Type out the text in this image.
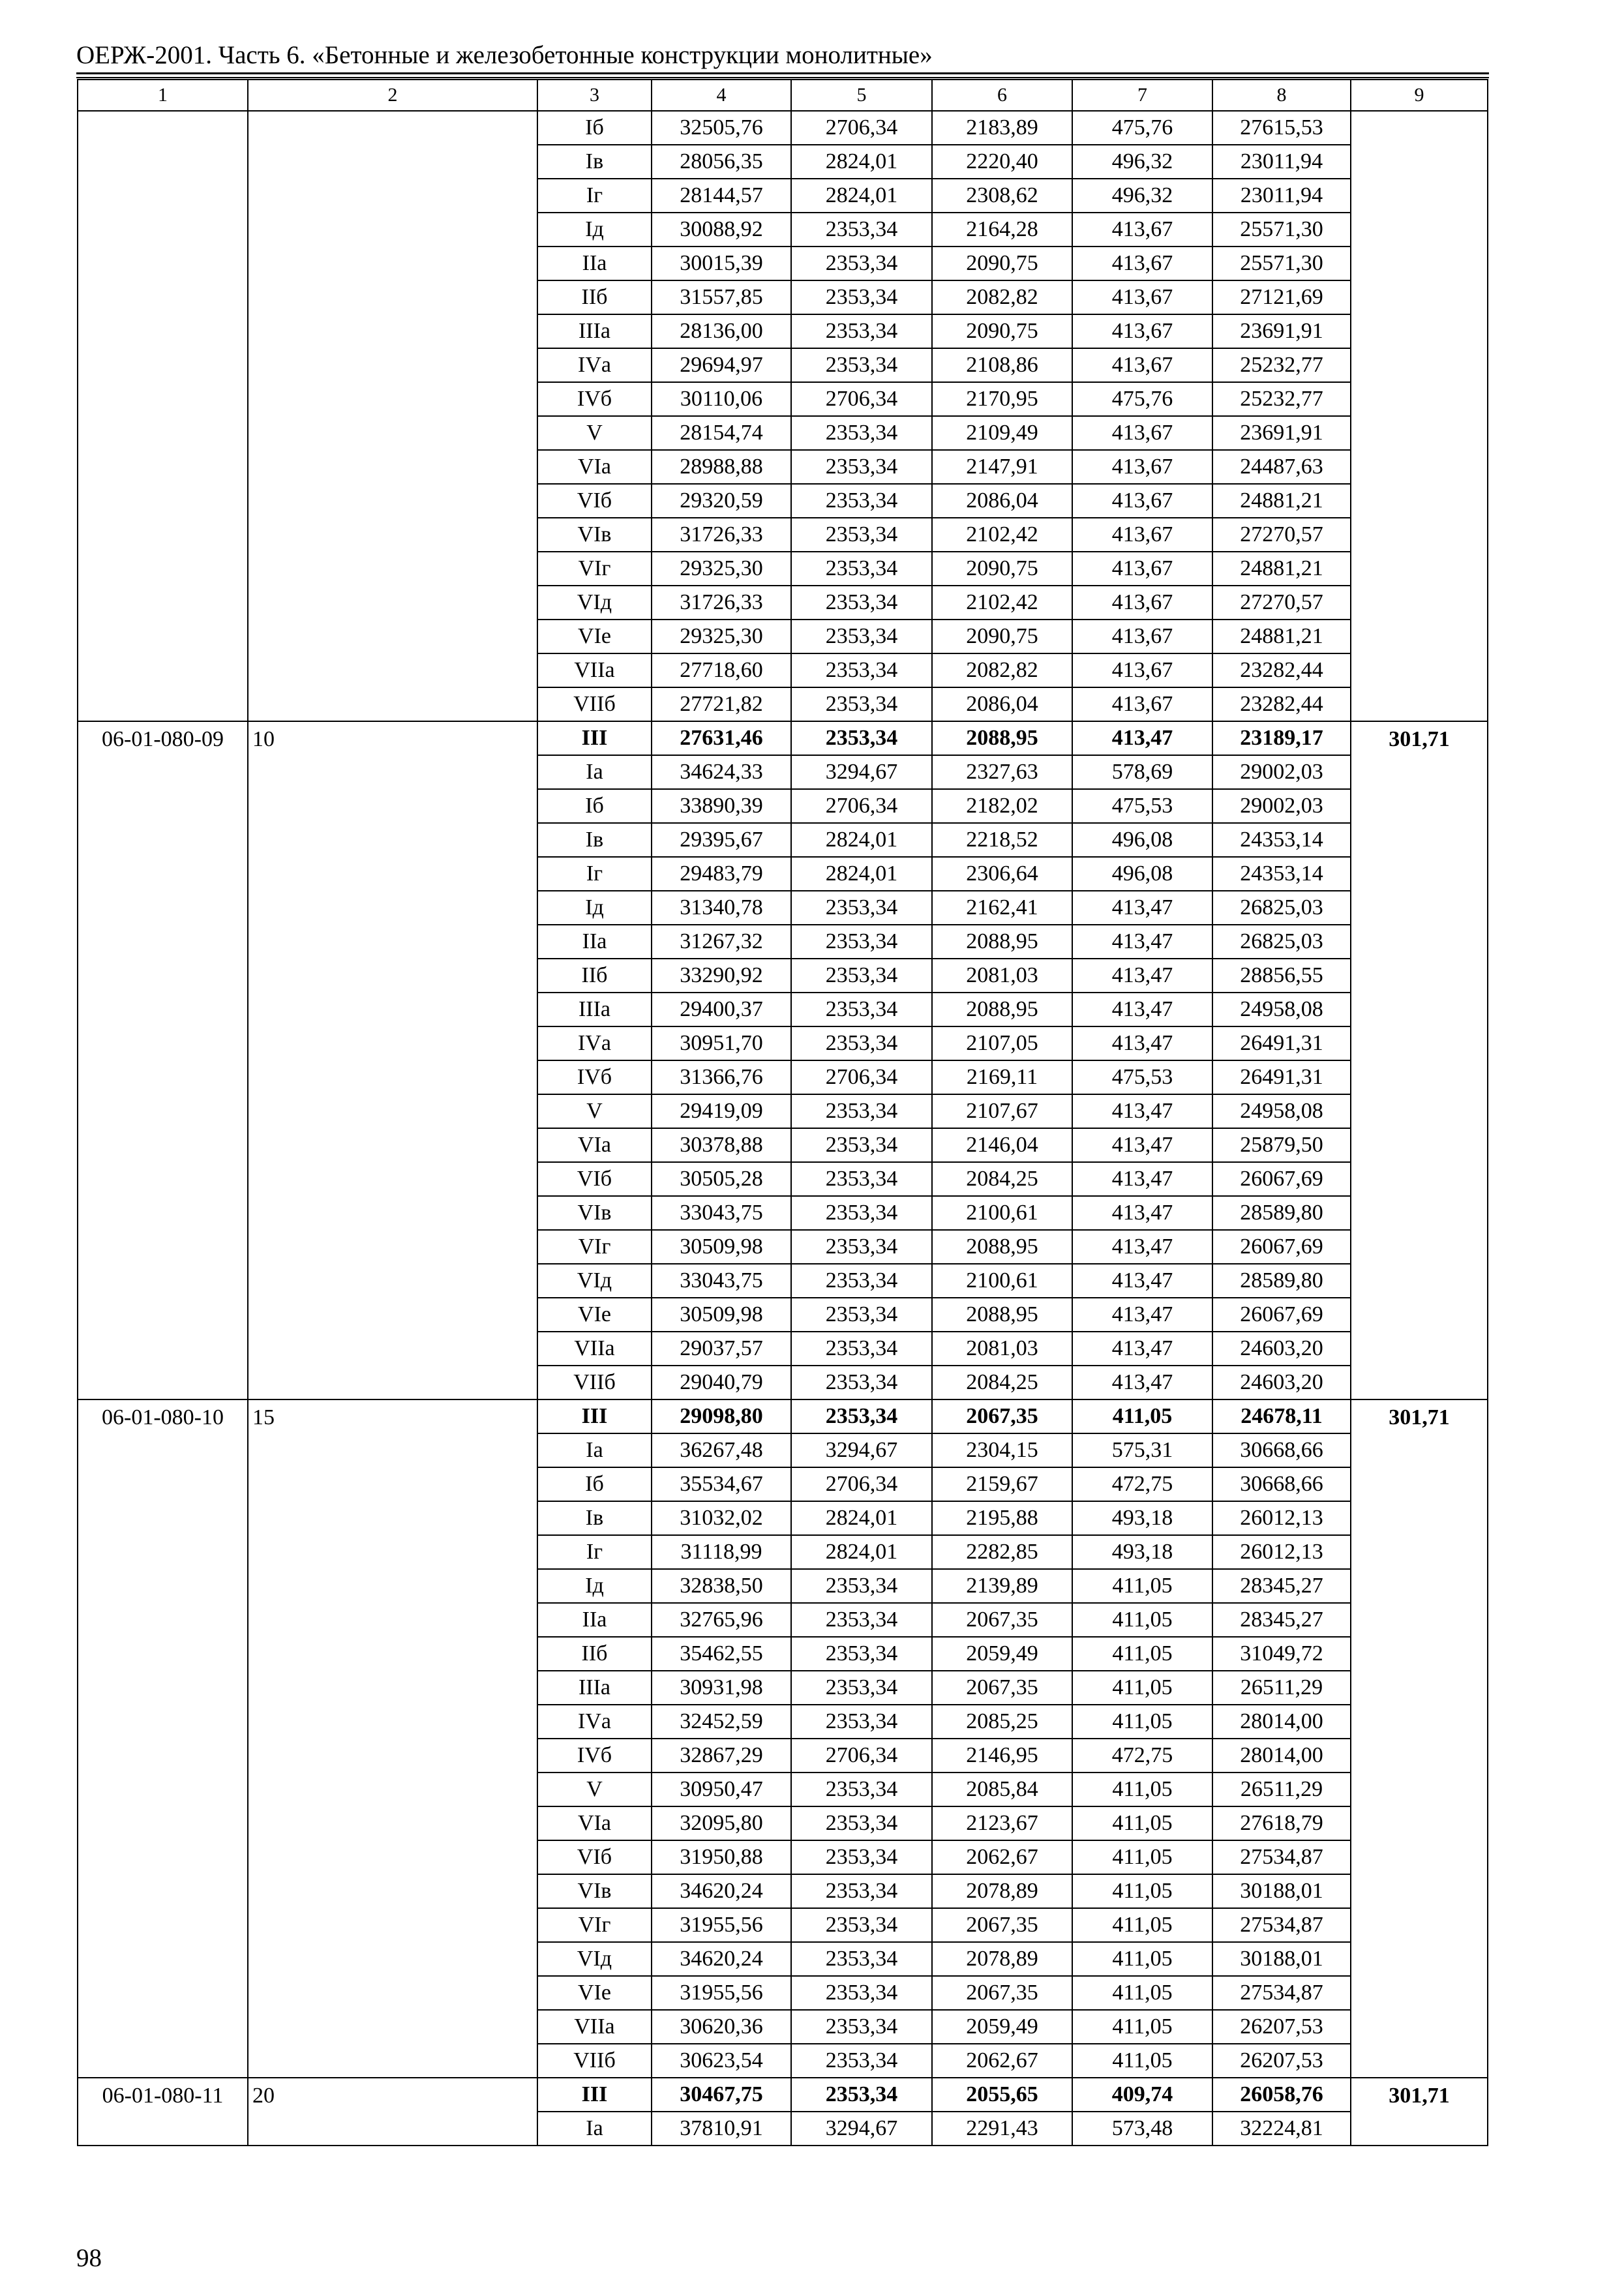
ОЕРЖ-2001. Часть 6. «Бетонные и железобетонные конструкции монолитные»
1	2	3	4	5	6	7	8	9
		Iб	32505,76	2706,34	2183,89	475,76	27615,53	
		Iв	28056,35	2824,01	2220,40	496,32	23011,94	
		Iг	28144,57	2824,01	2308,62	496,32	23011,94	
		Iд	30088,92	2353,34	2164,28	413,67	25571,30	
		IIа	30015,39	2353,34	2090,75	413,67	25571,30	
		IIб	31557,85	2353,34	2082,82	413,67	27121,69	
		IIIа	28136,00	2353,34	2090,75	413,67	23691,91	
		IVа	29694,97	2353,34	2108,86	413,67	25232,77	
		IVб	30110,06	2706,34	2170,95	475,76	25232,77	
		V	28154,74	2353,34	2109,49	413,67	23691,91	
		VIа	28988,88	2353,34	2147,91	413,67	24487,63	
		VIб	29320,59	2353,34	2086,04	413,67	24881,21	
		VIв	31726,33	2353,34	2102,42	413,67	27270,57	
		VIг	29325,30	2353,34	2090,75	413,67	24881,21	
		VIд	31726,33	2353,34	2102,42	413,67	27270,57	
		VIе	29325,30	2353,34	2090,75	413,67	24881,21	
		VIIа	27718,60	2353,34	2082,82	413,67	23282,44	
		VIIб	27721,82	2353,34	2086,04	413,67	23282,44	
06-01-080-09	10	III	27631,46	2353,34	2088,95	413,47	23189,17	301,71
		Iа	34624,33	3294,67	2327,63	578,69	29002,03	
		Iб	33890,39	2706,34	2182,02	475,53	29002,03	
		Iв	29395,67	2824,01	2218,52	496,08	24353,14	
		Iг	29483,79	2824,01	2306,64	496,08	24353,14	
		Iд	31340,78	2353,34	2162,41	413,47	26825,03	
		IIа	31267,32	2353,34	2088,95	413,47	26825,03	
		IIб	33290,92	2353,34	2081,03	413,47	28856,55	
		IIIа	29400,37	2353,34	2088,95	413,47	24958,08	
		IVа	30951,70	2353,34	2107,05	413,47	26491,31	
		IVб	31366,76	2706,34	2169,11	475,53	26491,31	
		V	29419,09	2353,34	2107,67	413,47	24958,08	
		VIа	30378,88	2353,34	2146,04	413,47	25879,50	
		VIб	30505,28	2353,34	2084,25	413,47	26067,69	
		VIв	33043,75	2353,34	2100,61	413,47	28589,80	
		VIг	30509,98	2353,34	2088,95	413,47	26067,69	
		VIд	33043,75	2353,34	2100,61	413,47	28589,80	
		VIе	30509,98	2353,34	2088,95	413,47	26067,69	
		VIIа	29037,57	2353,34	2081,03	413,47	24603,20	
		VIIб	29040,79	2353,34	2084,25	413,47	24603,20	
06-01-080-10	15	III	29098,80	2353,34	2067,35	411,05	24678,11	301,71
		Iа	36267,48	3294,67	2304,15	575,31	30668,66	
		Iб	35534,67	2706,34	2159,67	472,75	30668,66	
		Iв	31032,02	2824,01	2195,88	493,18	26012,13	
		Iг	31118,99	2824,01	2282,85	493,18	26012,13	
		Iд	32838,50	2353,34	2139,89	411,05	28345,27	
		IIа	32765,96	2353,34	2067,35	411,05	28345,27	
		IIб	35462,55	2353,34	2059,49	411,05	31049,72	
		IIIа	30931,98	2353,34	2067,35	411,05	26511,29	
		IVа	32452,59	2353,34	2085,25	411,05	28014,00	
		IVб	32867,29	2706,34	2146,95	472,75	28014,00	
		V	30950,47	2353,34	2085,84	411,05	26511,29	
		VIа	32095,80	2353,34	2123,67	411,05	27618,79	
		VIб	31950,88	2353,34	2062,67	411,05	27534,87	
		VIв	34620,24	2353,34	2078,89	411,05	30188,01	
		VIг	31955,56	2353,34	2067,35	411,05	27534,87	
		VIд	34620,24	2353,34	2078,89	411,05	30188,01	
		VIе	31955,56	2353,34	2067,35	411,05	27534,87	
		VIIа	30620,36	2353,34	2059,49	411,05	26207,53	
		VIIб	30623,54	2353,34	2062,67	411,05	26207,53	
06-01-080-11	20	III	30467,75	2353,34	2055,65	409,74	26058,76	301,71
		Iа	37810,91	3294,67	2291,43	573,48	32224,81	
98
